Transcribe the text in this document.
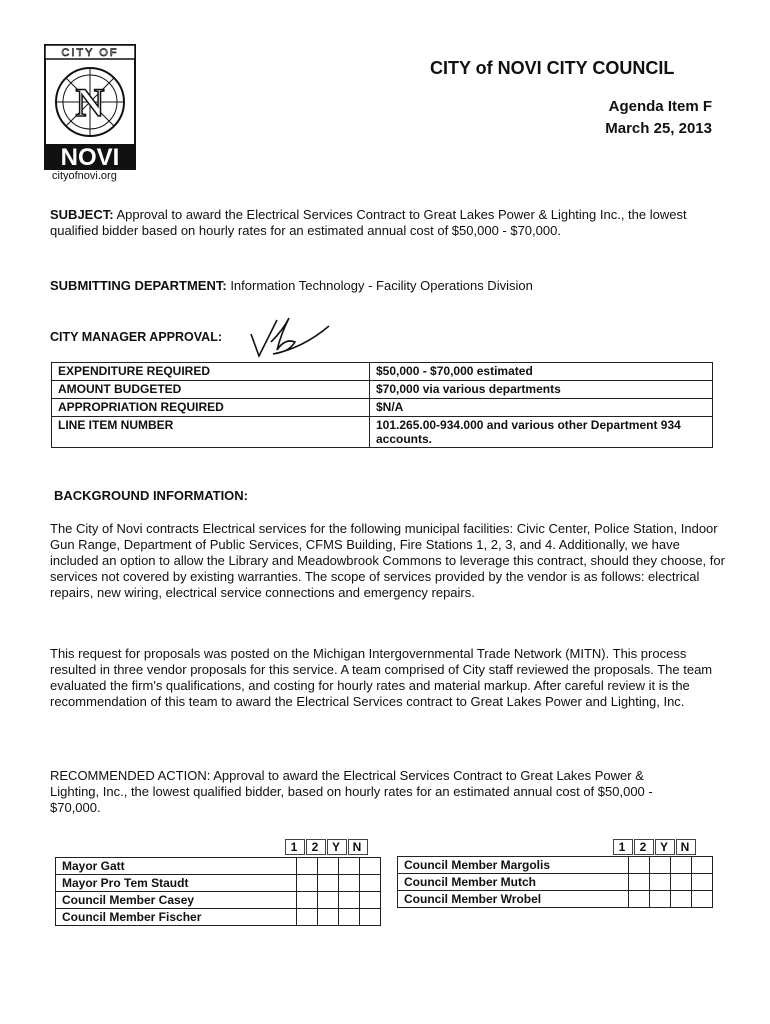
CITY OF
N
NOVI
cityofnovi.org
CITY of NOVI CITY COUNCIL
Agenda Item F
March 25, 2013
SUBJECT: Approval to award the Electrical Services Contract to Great Lakes Power & Lighting Inc., the lowest qualified bidder based on hourly rates for an estimated annual cost of $50,000 - $70,000.
SUBMITTING DEPARTMENT: Information Technology - Facility Operations Division
CITY MANAGER APPROVAL:
EXPENDITURE REQUIRED	$50,000 - $70,000 estimated
AMOUNT BUDGETED	$70,000 via various departments
APPROPRIATION REQUIRED	$N/A
LINE ITEM NUMBER	101.265.00-934.000 and various other Department 934 accounts.
BACKGROUND INFORMATION:
The City of Novi contracts Electrical services for the following municipal facilities: Civic Center, Police Station, Indoor Gun Range, Department of Public Services, CFMS Building, Fire Stations 1, 2, 3, and 4. Additionally, we have included an option to allow the Library and Meadowbrook Commons to leverage this contract, should they choose, for services not covered by existing warranties. The scope of services provided by the vendor is as follows: electrical repairs, new wiring, electrical service connections and emergency repairs.
This request for proposals was posted on the Michigan Intergovernmental Trade Network (MITN). This process resulted in three vendor proposals for this service. A team comprised of City staff reviewed the proposals. The team evaluated the firm's qualifications, and costing for hourly rates and material markup. After careful review it is the recommendation of this team to award the Electrical Services contract to Great Lakes Power and Lighting, Inc.
RECOMMENDED ACTION: Approval to award the Electrical Services Contract to Great Lakes Power & Lighting, Inc., the lowest qualified bidder, based on hourly rates for an estimated annual cost of $50,000 - $70,000.
1 2 Y N	1 2 Y N
Mayor Gatt				
Mayor Pro Tem Staudt				
Council Member Casey				
Council Member Fischer				
Council Member Margolis				
Council Member Mutch				
Council Member Wrobel				
